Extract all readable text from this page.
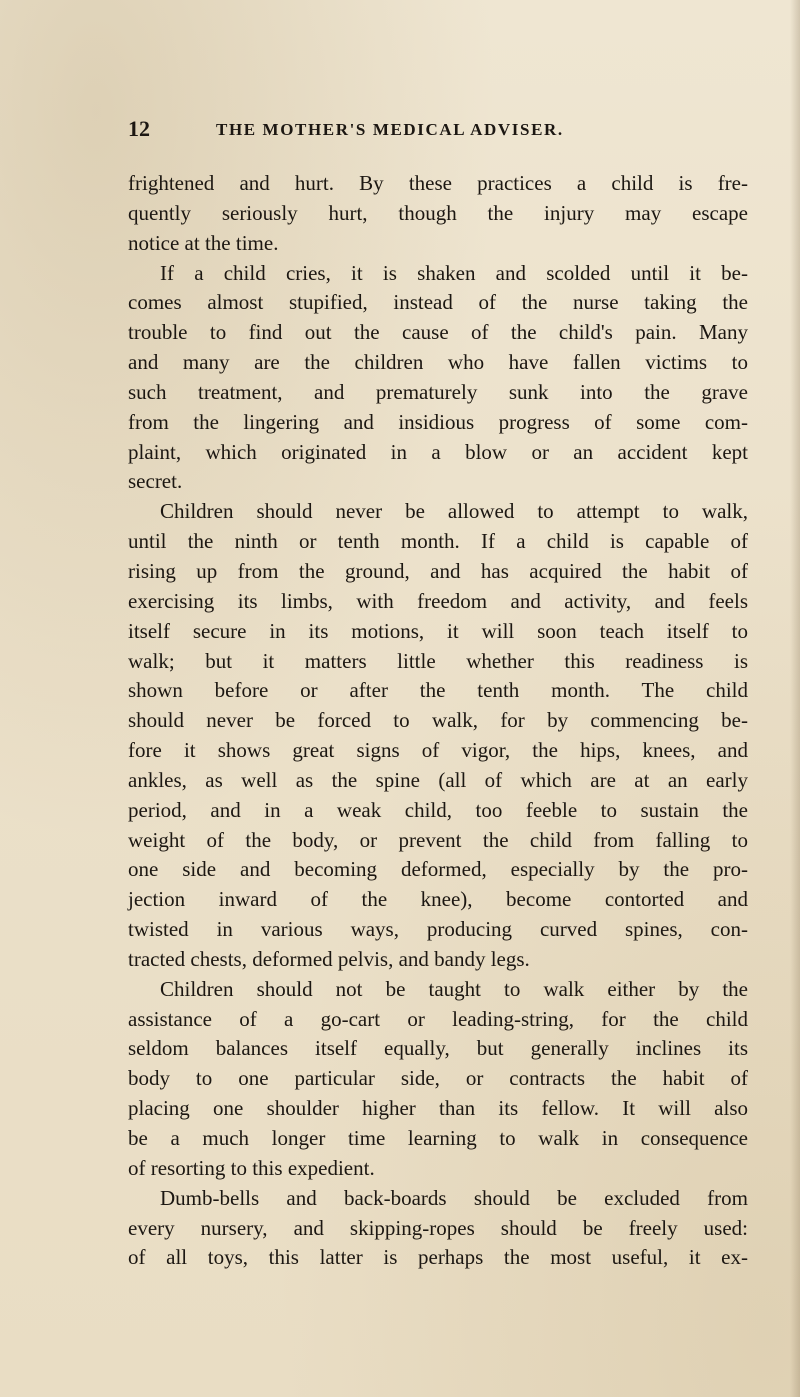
12	THE MOTHER'S MEDICAL ADVISER.
frightened and hurt. By these practices a child is fre-
quently seriously hurt, though the injury may escape
notice at the time.
If a child cries, it is shaken and scolded until it be-
comes almost stupified, instead of the nurse taking the
trouble to find out the cause of the child's pain. Many
and many are the children who have fallen victims to
such treatment, and prematurely sunk into the grave
from the lingering and insidious progress of some com-
plaint, which originated in a blow or an accident kept
secret.
Children should never be allowed to attempt to walk,
until the ninth or tenth month. If a child is capable of
rising up from the ground, and has acquired the habit of
exercising its limbs, with freedom and activity, and feels
itself secure in its motions, it will soon teach itself to
walk; but it matters little whether this readiness is
shown before or after the tenth month. The child
should never be forced to walk, for by commencing be-
fore it shows great signs of vigor, the hips, knees, and
ankles, as well as the spine (all of which are at an early
period, and in a weak child, too feeble to sustain the
weight of the body, or prevent the child from falling to
one side and becoming deformed, especially by the pro-
jection inward of the knee), become contorted and
twisted in various ways, producing curved spines, con-
tracted chests, deformed pelvis, and bandy legs.
Children should not be taught to walk either by the
assistance of a go-cart or leading-string, for the child
seldom balances itself equally, but generally inclines its
body to one particular side, or contracts the habit of
placing one shoulder higher than its fellow. It will also
be a much longer time learning to walk in consequence
of resorting to this expedient.
Dumb-bells and back-boards should be excluded from
every nursery, and skipping-ropes should be freely used:
of all toys, this latter is perhaps the most useful, it ex-
